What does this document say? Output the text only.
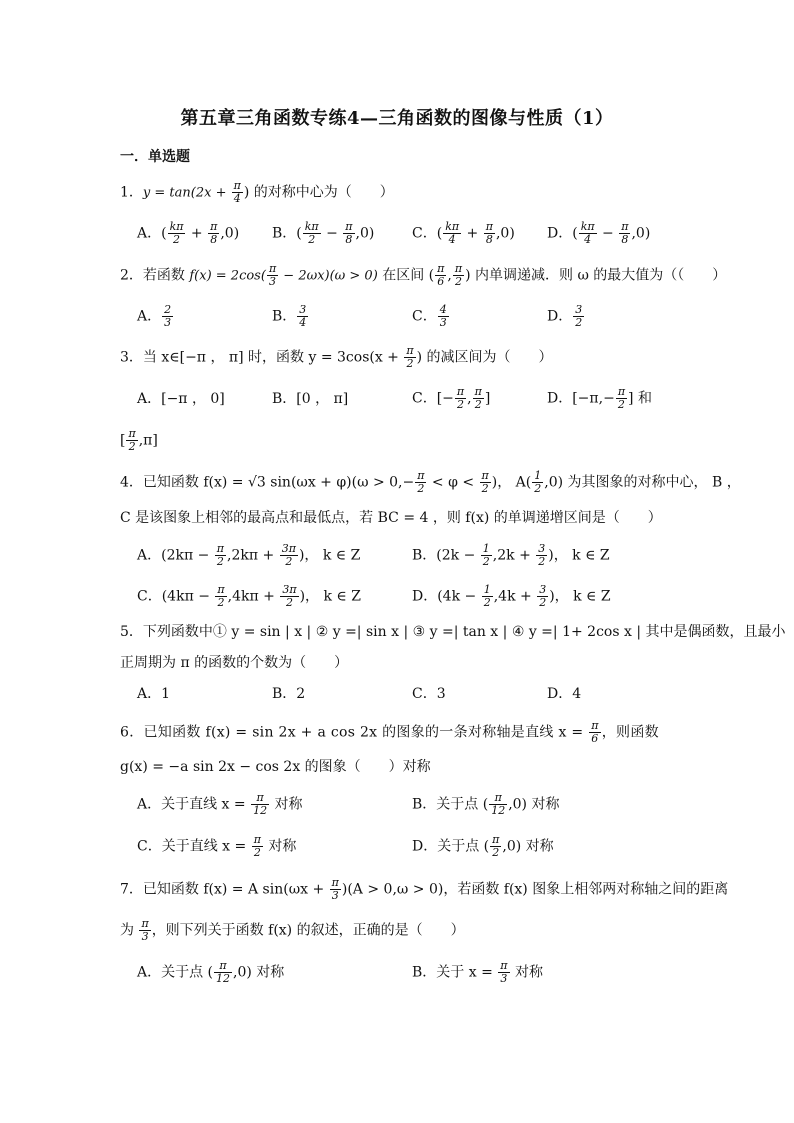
第五章三角函数专练4—三角函数的图像与性质（1）
一．单选题
1．$y = \tan(2x + \frac{\pi}{4}$ ) 的对称中心为（　　）
A．( $\frac{k\pi}{2} + \frac{\pi}{8} ,0$) B．( $\frac{k\pi}{2} - \frac{\pi}{8} ,0$)	C．( $\frac{k\pi}{4} + \frac{\pi}{8} ,0$) D．( $\frac{k\pi}{4} - \frac{\pi}{8} ,0$)
2．若函数 $f(x) = 2\cos( \frac{\pi}{3} - 2\omega x)(\omega > 0)$ 在区间 ( $\frac{\pi}{6}$ , $\frac{\pi}{2}$ ) 内单调递减．则 ω 的最大值为（（　　）
A． $\frac{2}{3}$	B． $\frac{3}{4}$	C． $\frac{4}{3}$	D． $\frac{3}{2}$
3．当 x∈[−π ， π] 时，函数 $y = 3\cos(x + \frac{\pi}{2}$ ) 的减区间为（　　）
A．[−π ， 0]	B．[0 ， π]	C．[− $\frac{\pi}{2}$ , $\frac{\pi}{2}$ ]	D．[$-\pi,- \frac{\pi}{2}$ ] 和
[ $\frac{\pi}{2} ,\pi$]
4．已知函数 f(x) = √3 $\sin(\omega x + \varphi)(\omega > 0,- \frac{\pi}{2} < \varphi < \frac{\pi}{2}$ )， $A( \frac{1}{2} ,0)$ 为其图象的对称中心， B ，
C 是该图象上相邻的最高点和最低点，若 BC = 4 ，则 f(x) 的单调递增区间是（　　）
A．($2k\pi - \frac{\pi}{2} ,2k\pi + \frac{3\pi}{2}$ )， k ∈ Z	B．($2k - \frac{1}{2} ,2k + \frac{3}{2}$ )， k ∈ Z
C．($4k\pi - \frac{\pi}{2} ,4k\pi + \frac{3\pi}{2}$ )， k ∈ Z	D．($4k - \frac{1}{2} ,4k + \frac{3}{2}$ )， k ∈ Z
5．下列函数中① y = sin | x | ② y =| sin x | ③ y =| tan x | ④ y =| 1+ 2cos x | 其中是偶函数，且最小
正周期为 π 的函数的个数为（　　）
A．1	B．2	C．3	D．4
6．已知函数 f(x) = sin 2x + a cos 2x 的图象的一条对称轴是直线 $x = \frac{\pi}{6}$ ，则函数
g(x) = −a sin 2x − cos 2x 的图象（　　）对称
A．关于直线 $x = \frac{\pi}{12}$ 对称	B．关于点 ( $\frac{\pi}{12} ,0$) 对称
C．关于直线 $x = \frac{\pi}{2}$ 对称	D．关于点 ( $\frac{\pi}{2} ,0$) 对称
7．已知函数 f(x) = A $\sin(\omega x + \frac{\pi}{3} )(A > 0,\omega > 0)$，若函数 f(x) 图象上相邻两对称轴之间的距离
为 $\frac{\pi}{3}$ ，则下列关于函数 f(x) 的叙述，正确的是（　　）
A．关于点 ( $\frac{\pi}{12} ,0$) 对称	B．关于 $x = \frac{\pi}{3}$ 对称
